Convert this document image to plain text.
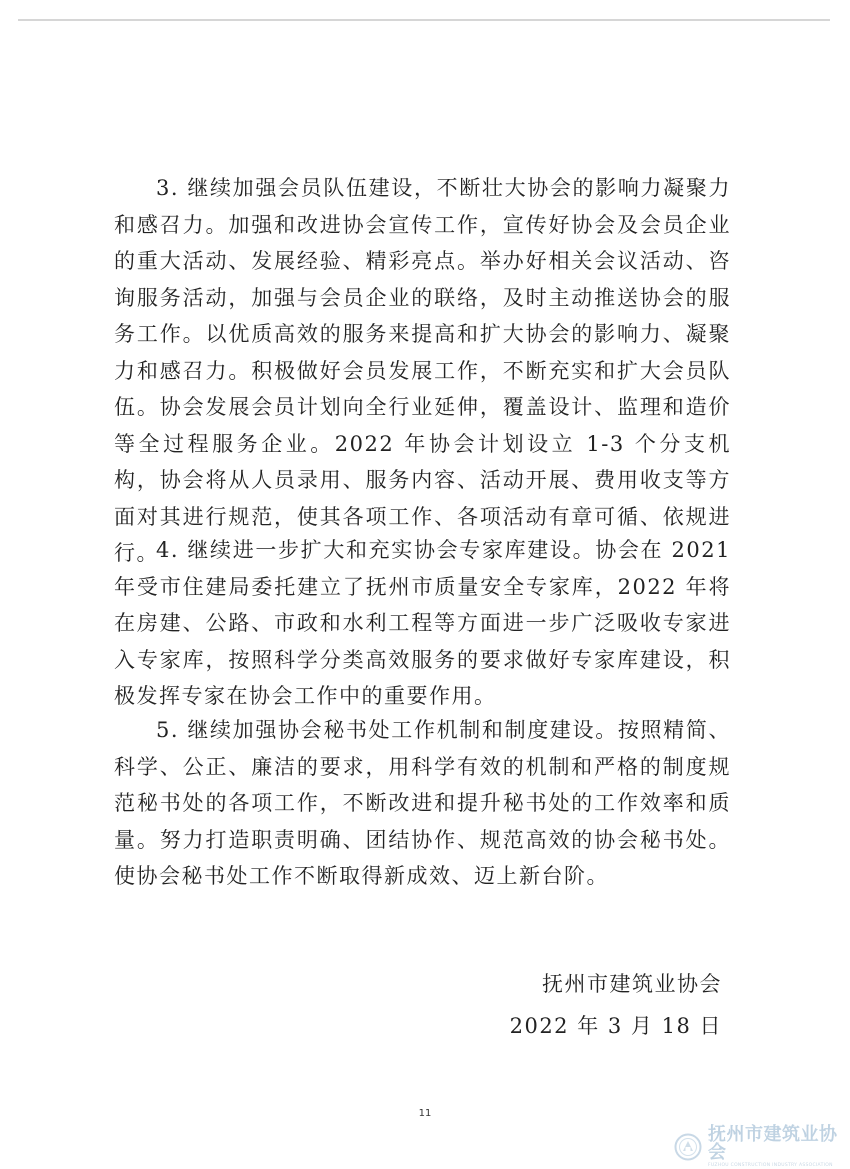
3. 继续加强会员队伍建设，不断壮大协会的影响力凝聚力和感召力。加强和改进协会宣传工作，宣传好协会及会员企业的重大活动、发展经验、精彩亮点。举办好相关会议活动、咨询服务活动，加强与会员企业的联络，及时主动推送协会的服务工作。以优质高效的服务来提高和扩大协会的影响力、凝聚力和感召力。积极做好会员发展工作，不断充实和扩大会员队伍。协会发展会员计划向全行业延伸，覆盖设计、监理和造价等全过程服务企业。2022 年协会计划设立 1-3 个分支机构，协会将从人员录用、服务内容、活动开展、费用收支等方面对其进行规范，使其各项工作、各项活动有章可循、依规进行。

4. 继续进一步扩大和充实协会专家库建设。协会在 2021 年受市住建局委托建立了抚州市质量安全专家库，2022 年将在房建、公路、市政和水利工程等方面进一步广泛吸收专家进入专家库，按照科学分类高效服务的要求做好专家库建设，积极发挥专家在协会工作中的重要作用。

5. 继续加强协会秘书处工作机制和制度建设。按照精简、科学、公正、廉洁的要求，用科学有效的机制和严格的制度规范秘书处的各项工作，不断改进和提升秘书处的工作效率和质量。努力打造职责明确、团结协作、规范高效的协会秘书处。使协会秘书处工作不断取得新成效、迈上新台阶。

抚州市建筑业协会
2022 年 3 月 18 日
11
抚州市建筑业协会
FUZHOU CONSTRUCTION INDUSTRY ASSOCIATION
